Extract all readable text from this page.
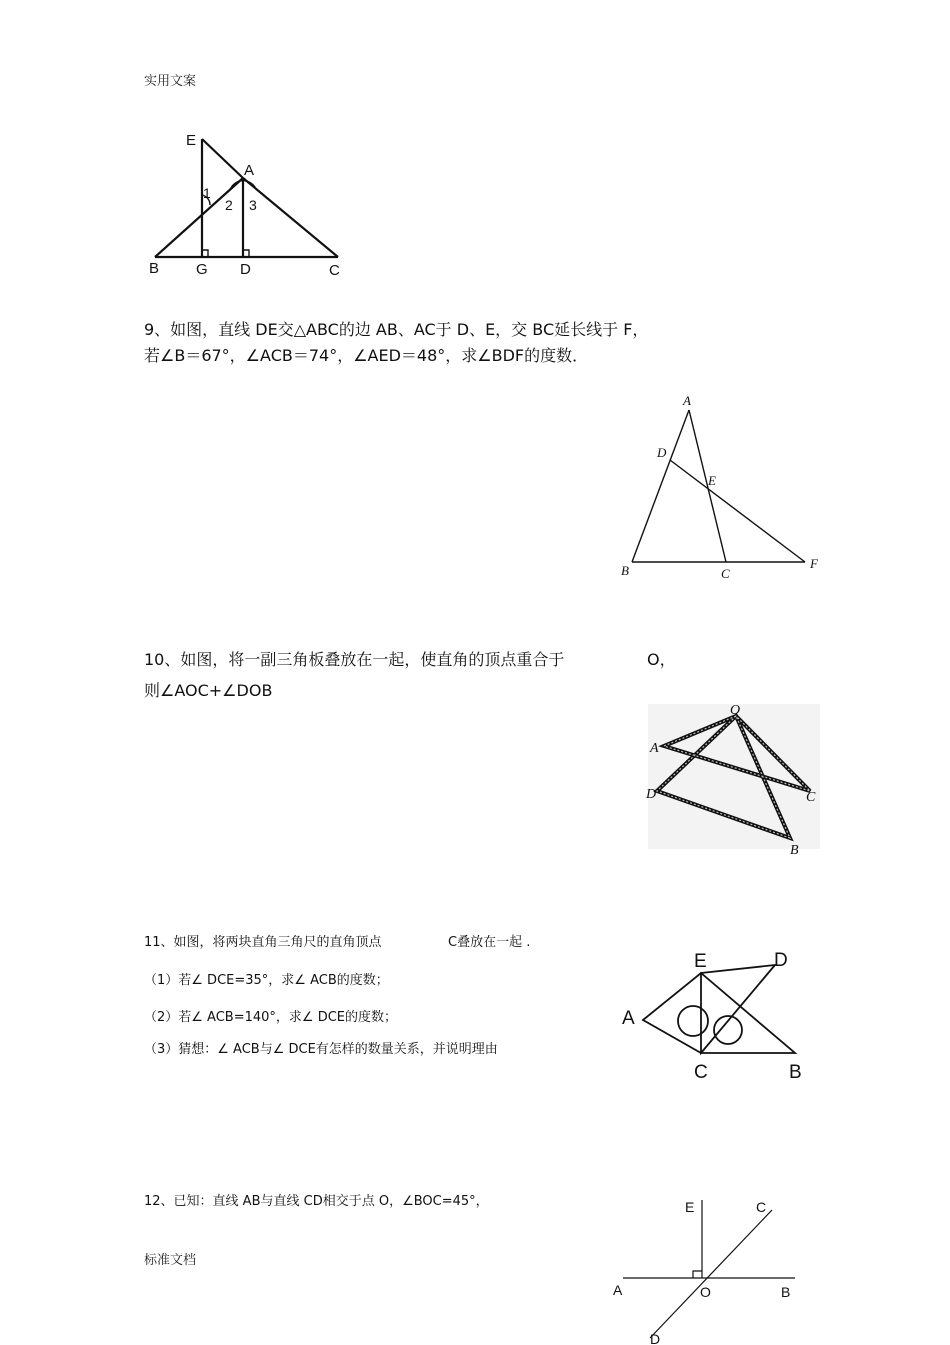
实用文案
E
A
B G D	C
1
2 3
9、如图，直线 DE交△ABC的边 AB、AC于 D、E，交 BC延长线于 F，
若∠B＝67°，∠ACB＝74°，∠AED＝48°，求∠BDF的度数．
A
D
E
B	C
F
10、如图，将一副三角板叠放在一起，使直角的顶点重合于	O，
则∠AOC+∠DOB
O
A
D	C
B
11、如图，将两块直角三角尺的直角顶点	C叠放在一起 .
（1）若∠ DCE=35°，求∠ ACB的度数；
（2）若∠ ACB=140°，求∠ DCE的度数；
（3）猜想：∠ ACB与∠ DCE有怎样的数量关系，并说明理由
E	D
A
C	B
12、已知：直线 AB与直线 CD相交于点 O，∠BOC=45°，	E	C
A	O	B
D
标准文档
